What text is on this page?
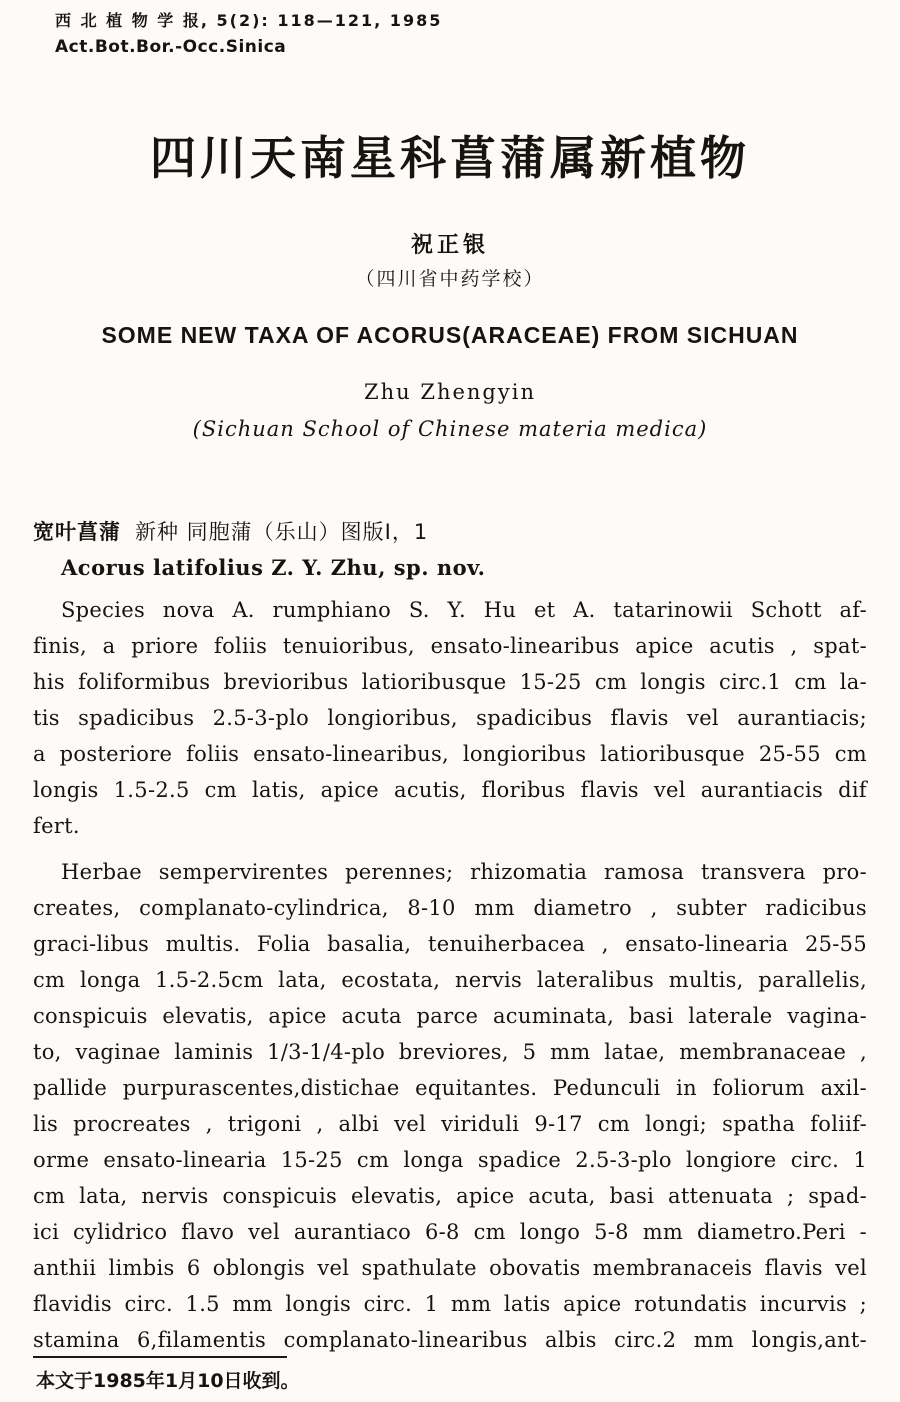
西 北 植 物 学 报, 5(2): 118—121, 1985
Act.Bot.Bor.-Occ.Sinica
四川天南星科菖蒲属新植物
祝正银
（四川省中药学校）
SOME NEW TAXA OF ACORUS(ARACEAE) FROM SICHUAN
Zhu Zhengyin
(Sichuan School of Chinese materia medica)
宽叶菖蒲 新种 同胞蒲（乐山）图版Ⅰ，1
Acorus latifolius Z. Y. Zhu, sp. nov.
Species nova A. rumphiano S. Y. Hu et A. tatarinowii Schott af-
finis, a priore foliis tenuioribus, ensato-linearibus apice acutis , spat-
his foliformibus brevioribus latioribusque 15-25 cm longis circ.1 cm la-
tis spadicibus 2.5-3-plo longioribus, spadicibus flavis vel aurantiacis;
a posteriore foliis ensato-linearibus, longioribus latioribusque 25-55 cm
longis 1.5-2.5 cm latis, apice acutis, floribus flavis vel aurantiacis dif
fert.
Herbae sempervirentes perennes; rhizomatia ramosa transvera pro-
creates, complanato-cylindrica, 8-10 mm diametro , subter radicibus
graci-libus multis. Folia basalia, tenuiherbacea , ensato-linearia 25-55
cm longa 1.5-2.5cm lata, ecostata, nervis lateralibus multis, parallelis,
conspicuis elevatis, apice acuta parce acuminata, basi laterale vagina-
to, vaginae laminis 1/3-1/4-plo breviores, 5 mm latae, membranaceae ,
pallide purpurascentes,distichae equitantes. Pedunculi in foliorum axil-
lis procreates , trigoni , albi vel viriduli 9-17 cm longi; spatha foliif-
orme ensato-linearia 15-25 cm longa spadice 2.5-3-plo longiore circ. 1
cm lata, nervis conspicuis elevatis, apice acuta, basi attenuata ; spad-
ici cylidrico flavo vel aurantiaco 6-8 cm longo 5-8 mm diametro.Peri -
anthii limbis 6 oblongis vel spathulate obovatis membranaceis flavis vel
flavidis circ. 1.5 mm longis circ. 1 mm latis apice rotundatis incurvis ;
stamina 6,filamentis complanato-linearibus albis circ.2 mm longis,ant-
本文于1985年1月10日收到。
